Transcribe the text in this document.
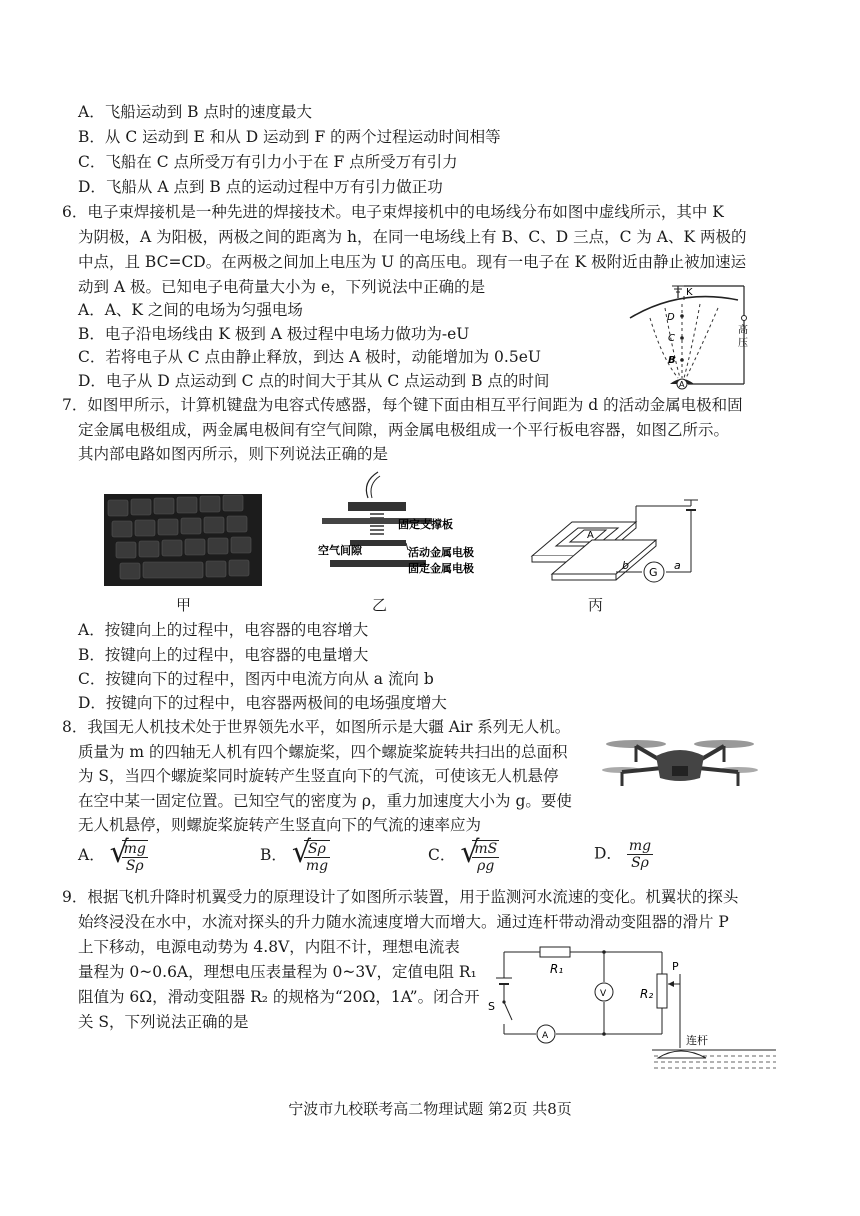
A．飞船运动到 B 点时的速度最大
B．从 C 运动到 E 和从 D 运动到 F 的两个过程运动时间相等
C．飞船在 C 点所受万有引力小于在 F 点所受万有引力
D．飞船从 A 点到 B 点的运动过程中万有引力做正功
6．电子束焊接机是一种先进的焊接技术。电子束焊接机中的电场线分布如图中虚线所示，其中 K
为阴极，A 为阳极，两极之间的距离为 h，在同一电场线上有 B、C、D 三点，C 为 A、K 两极的
中点，且 BC=CD。在两极之间加上电压为 U 的高压电。现有一电子在 K 极附近由静止被加速运
动到 A 极。已知电子电荷量大小为 e，下列说法中正确的是
A．A、K 之间的电场为匀强电场
B．电子沿电场线由 K 极到 A 极过程中电场力做功为-eU
C．若将电子从 C 点由静止释放，到达 A 极时，动能增加为 0.5eU
D．电子从 D 点运动到 C 点的时间大于其从 C 点运动到 B 点的时间
K
D
C
B
A
高
压
7．如图甲所示，计算机键盘为电容式传感器，每个键下面由相互平行间距为 d 的活动金属电极和固
定金属电极组成，两金属电极间有空气间隙，两金属电极组成一个平行板电容器，如图乙所示。
其内部电路如图丙所示，则下列说法正确的是
固定支撑板
空气间隙	活动金属电极
固定金属电极
A
G
b	a
甲	乙	丙
A．按键向上的过程中，电容器的电容增大
B．按键向上的过程中，电容器的电量增大
C．按键向下的过程中，图丙中电流方向从 a 流向 b
D．按键向下的过程中，电容器两极间的电场强度增大
8．我国无人机技术处于世界领先水平，如图所示是大疆 Air 系列无人机。
质量为 m 的四轴无人机有四个螺旋桨，四个螺旋桨旋转共扫出的总面积
为 S，当四个螺旋桨同时旋转产生竖直向下的气流，可使该无人机悬停
在空中某一固定位置。已知空气的密度为 ρ，重力加速度大小为 g。要使
无人机悬停，则螺旋桨旋转产生竖直向下的气流的速率应为
A． √
$\frac{mg}{S\rho}$	B． √
$\frac{S\rho}{mg}$	C． √
$\frac{mS}{\rho g}$	D． $\frac{mg}{S\rho}$
9．根据飞机升降时机翼受力的原理设计了如图所示装置，用于监测河水流速的变化。机翼状的探头
始终浸没在水中，水流对探头的升力随水流速度增大而增大。通过连杆带动滑动变阻器的滑片 P
上下移动，电源电动势为 4.8V，内阻不计，理想电流表
量程为 0~0.6A，理想电压表量程为 0~3V，定值电阻 R₁
阻值为 6Ω，滑动变阻器 R₂ 的规格为“20Ω，1A”。闭合开
关 S，下列说法正确的是
R₁
R₂
P
V
A
S
连杆
宁波市九校联考高二物理试题 第2页 共8页
